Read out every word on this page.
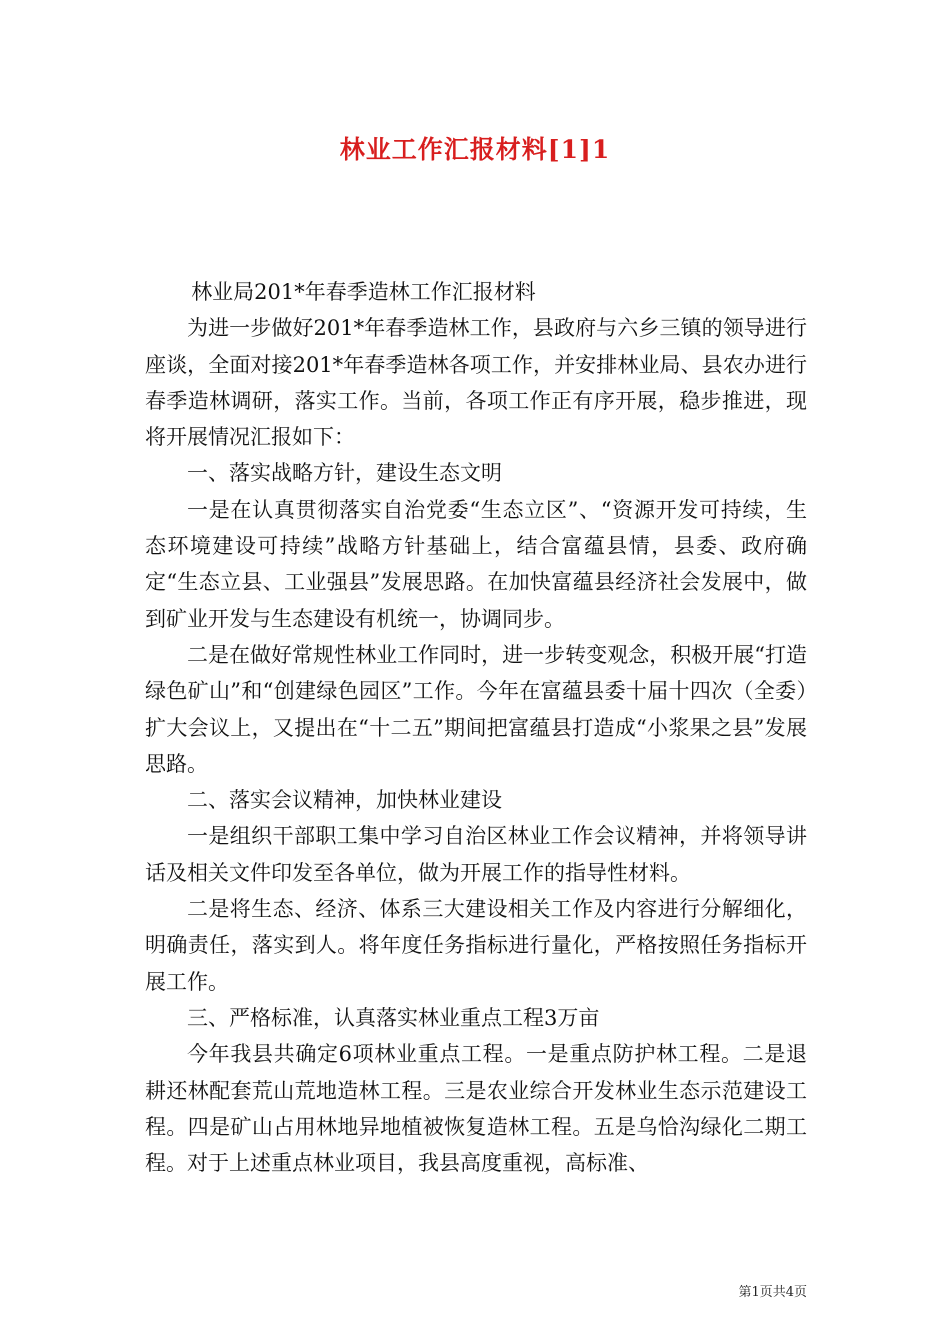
林业工作汇报材料[1]1

林业局201*年春季造林工作汇报材料

为进一步做好201*年春季造林工作，县政府与六乡三镇的领导进行座谈，全面对接201*年春季造林各项工作，并安排林业局、县农办进行春季造林调研，落实工作。当前，各项工作正有序开展，稳步推进，现将开展情况汇报如下：

一、落实战略方针，建设生态文明

一是在认真贯彻落实自治党委“生态立区”、“资源开发可持续，生态环境建设可持续”战略方针基础上，结合富蕴县情，县委、政府确定“生态立县、工业强县”发展思路。在加快富蕴县经济社会发展中，做到矿业开发与生态建设有机统一，协调同步。

二是在做好常规性林业工作同时，进一步转变观念，积极开展“打造绿色矿山”和“创建绿色园区”工作。今年在富蕴县委十届十四次（全委）扩大会议上，又提出在“十二五”期间把富蕴县打造成“小浆果之县”发展思路。

二、落实会议精神，加快林业建设

一是组织干部职工集中学习自治区林业工作会议精神，并将领导讲话及相关文件印发至各单位，做为开展工作的指导性材料。

二是将生态、经济、体系三大建设相关工作及内容进行分解细化，明确责任，落实到人。将年度任务指标进行量化，严格按照任务指标开展工作。

三、严格标准，认真落实林业重点工程3万亩

今年我县共确定6项林业重点工程。一是重点防护林工程。二是退耕还林配套荒山荒地造林工程。三是农业综合开发林业生态示范建设工程。四是矿山占用林地异地植被恢复造林工程。五是乌恰沟绿化二期工程。对于上述重点林业项目，我县高度重视，高标准、

第1页共4页
